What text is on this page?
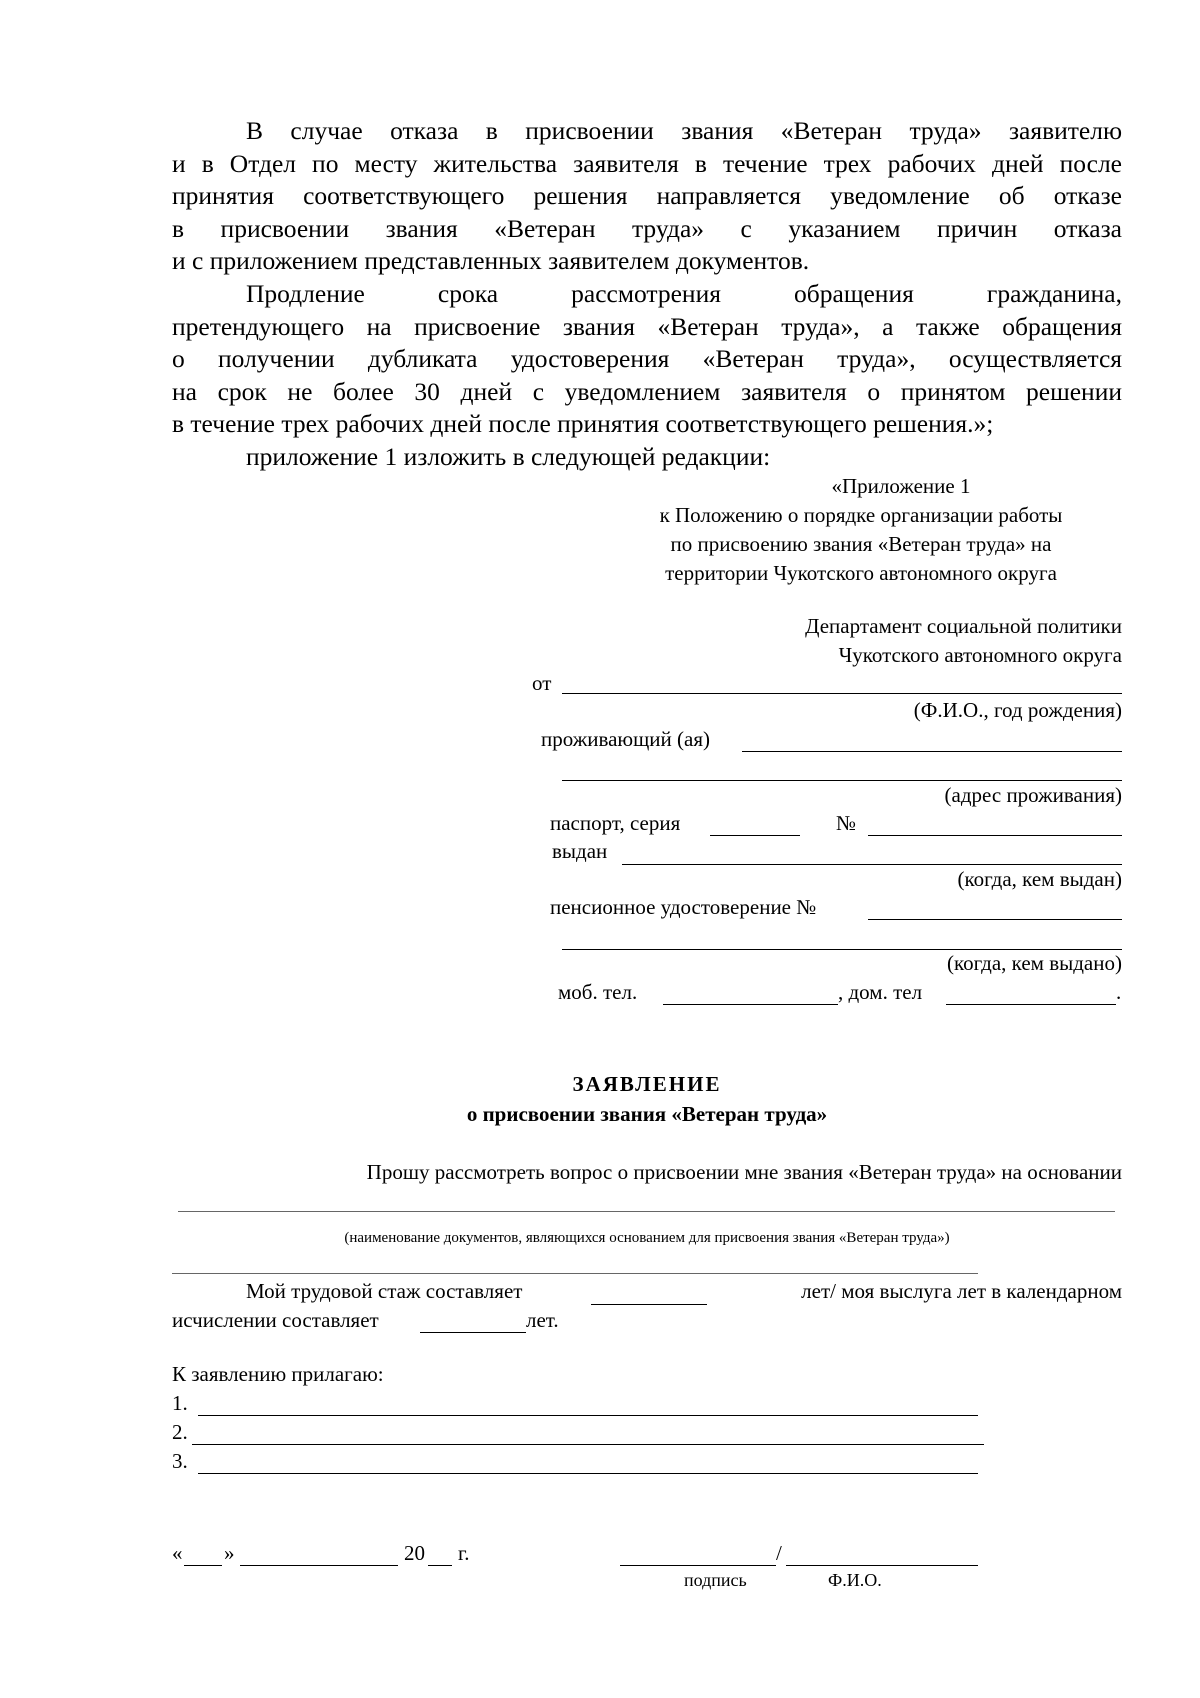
В случае отказа в присвоении звания «Ветеран труда» заявителю
и в Отдел по месту жительства заявителя в течение трех рабочих дней после
принятия соответствующего решения направляется уведомление об отказе
в присвоении звания «Ветеран труда» с указанием причин отказа
и с приложением представленных заявителем документов.
Продление срока рассмотрения обращения гражданина,
претендующего на присвоение звания «Ветеран труда», а также обращения
о получении дубликата удостоверения «Ветеран труда», осуществляется
на срок не более 30 дней с уведомлением заявителя о принятом решении
в течение трех рабочих дней после принятия соответствующего решения.»;
приложение 1 изложить в следующей редакции:
«Приложение 1
к Положению о порядке организации работы
по присвоению звания «Ветеран труда» на
территории Чукотского автономного округа
Департамент социальной политики
Чукотского автономного округа
от
(Ф.И.О., год рождения)
проживающий (ая)
(адрес проживания)
паспорт, серия	№
выдан
(когда, кем выдан)
пенсионное удостоверение №
(когда, кем выдано)
моб. тел.	, дом. тел	.
ЗАЯВЛЕНИЕ
о присвоении звания «Ветеран труда»
Прошу рассмотреть вопрос о присвоении мне звания «Ветеран труда» на основании
(наименование документов, являющихся основанием для присвоения звания «Ветеран труда»)
Мой трудовой стаж составляет	лет/ моя выслуга лет в календарном
исчислении составляет	лет.
К заявлению прилагаю:
1.
2.
3.
« »	20 г.	/
подпись	Ф.И.О.
